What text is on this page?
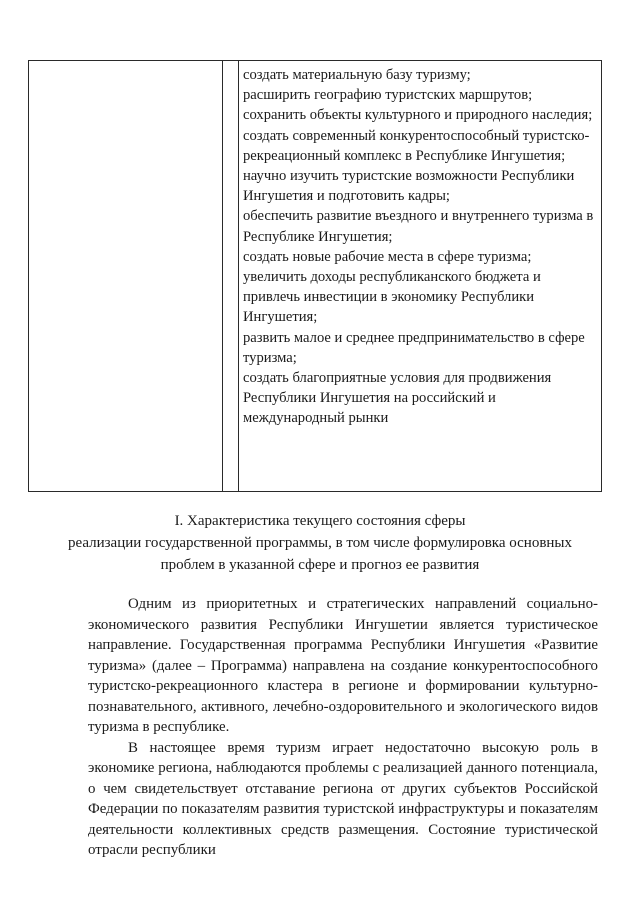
создать материальную базу туризму;
расширить географию туристских маршрутов;
сохранить объекты культурного и природного наследия;
создать современный конкурентоспособный туристско-рекреационный комплекс в Республике Ингушетия;
научно изучить туристские возможности Республики Ингушетия и подготовить кадры;
обеспечить развитие въездного и внутреннего туризма в Республике Ингушетия;
создать новые рабочие места в сфере туризма;
увеличить доходы республиканского бюджета и привлечь инвестиции в экономику Республики Ингушетия;
развить малое и среднее предпринимательство в сфере туризма;
создать благоприятные условия для продвижения Республики Ингушетия на российский и международный рынки
I. Характеристика текущего состояния сферы
реализации государственной программы, в том числе формулировка основных
проблем в указанной сфере и прогноз ее развития

Одним из приоритетных и стратегических направлений социально-экономического развития Республики Ингушетии является туристическое направление. Государственная программа Республики Ингушетия «Развитие туризма» (далее – Программа) направлена на создание конкурентоспособного туристско-рекреационного кластера в регионе и формировании культурно-познавательного, активного, лечебно-оздоровительного и экологического видов туризма в республике.

В настоящее время туризм играет недостаточно высокую роль в экономике региона, наблюдаются проблемы с реализацией данного потенциала, о чем свидетельствует отставание региона от других субъектов Российской Федерации по показателям развития туристской инфраструктуры и показателям деятельности коллективных средств размещения. Состояние туристической отрасли республики
